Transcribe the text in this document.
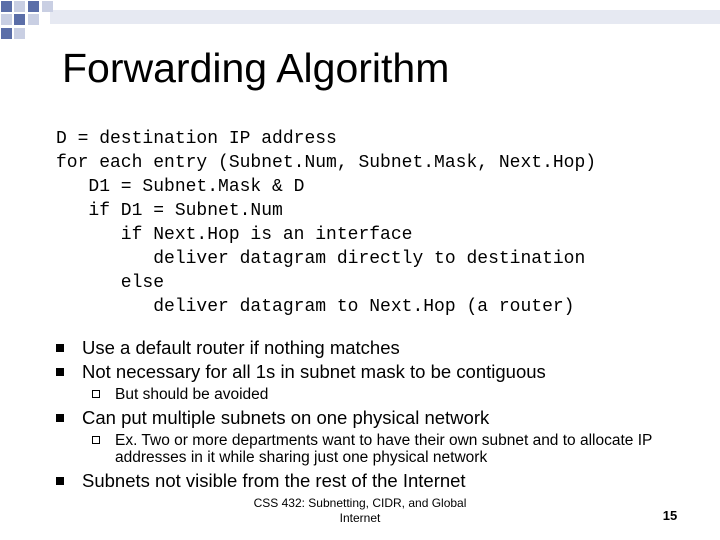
Forwarding Algorithm
D = destination IP address
for each entry (Subnet.Num, Subnet.Mask, Next.Hop)
D1 = Subnet.Mask & D
if D1 = Subnet.Num
if Next.Hop is an interface
deliver datagram directly to destination
else
deliver datagram to Next.Hop (a router)
Use a default router if nothing matches
Not necessary for all 1s in subnet mask to be contiguous
But should be avoided
Can put multiple subnets on one physical network
Ex. Two or more departments want to have their own subnet and to allocate IP addresses in it while sharing just one physical network
Subnets not visible from the rest of the Internet
CSS 432: Subnetting, CIDR, and Global Internet	15
